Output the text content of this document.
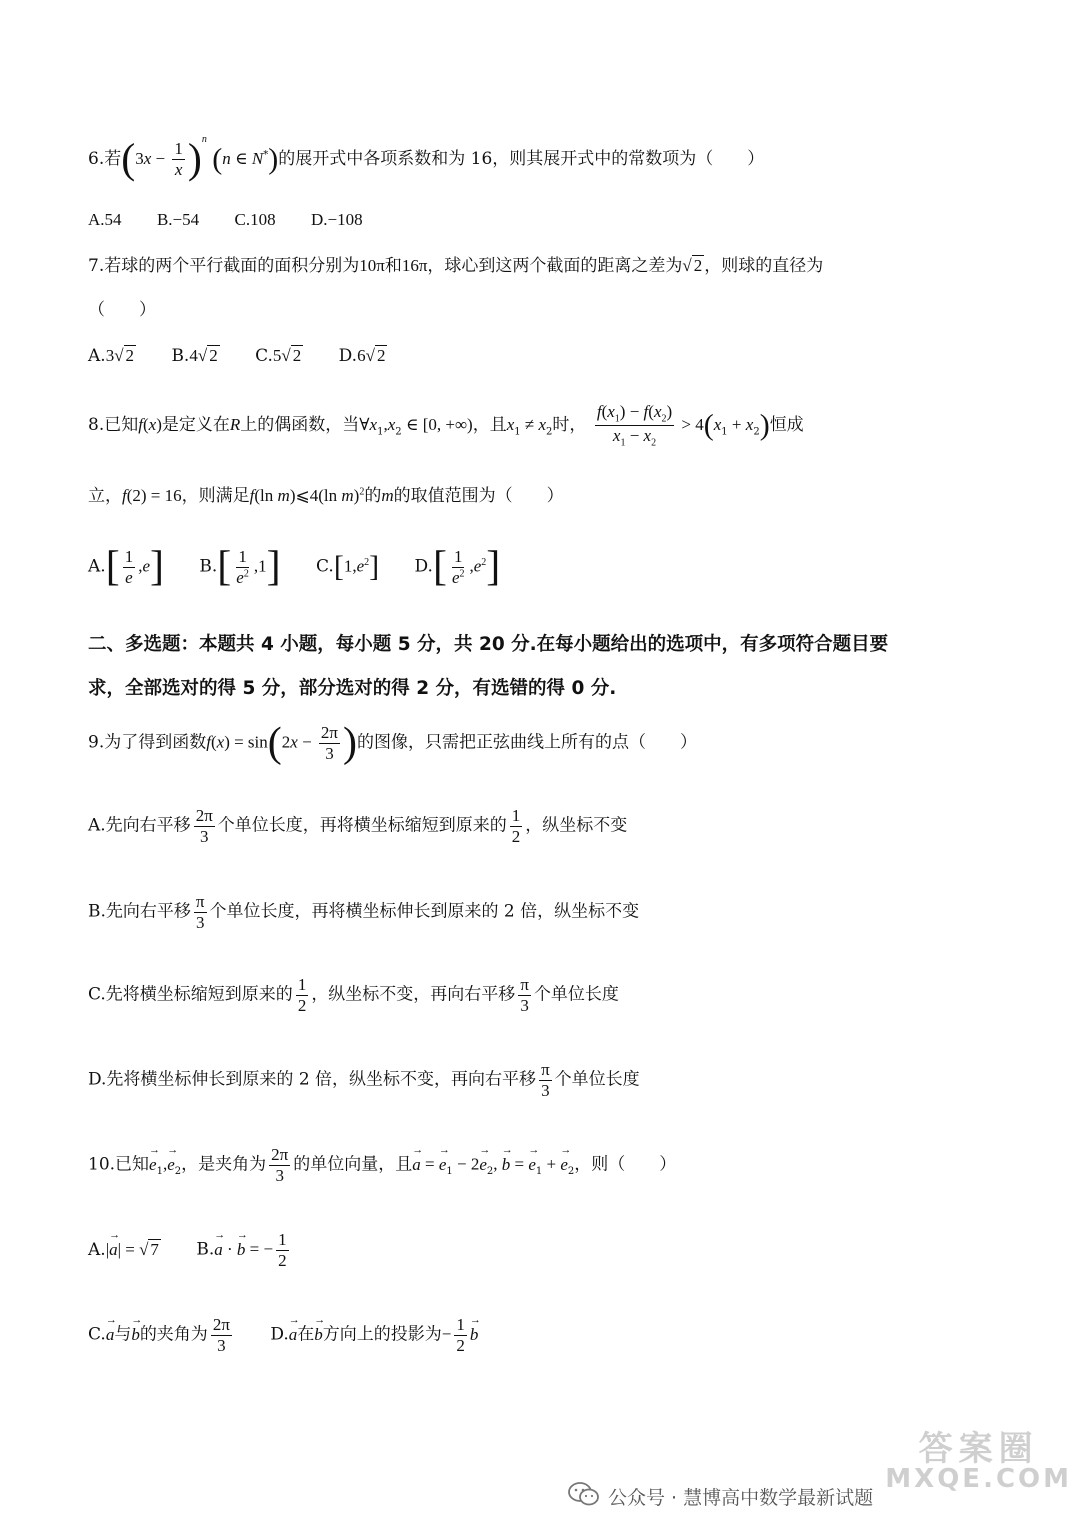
6.若$(3x - \frac{1}{x} )^n$ (n ∈ N*)的展开式中各项系数和为 16，则其展开式中的常数项为（　　）
A.54 B.−54 C.108 D.−108
7.若球的两个平行截面的面积分别为10π和16π，球心到这两个截面的距离之差为√ 2 ，则球的直径为
（　　）
A.3√ 2 B.4√ 2 C.5√ 2 D.6√ 2
8.已知f(x)是定义在R上的偶函数，当$\forall x_1,x_2$ ∈ [0, +∞)，且$x_1 \ne x_2$时， $\frac{f(x_1) - f(x_2)}{x_1 - x_2} > 4(x_1 + x_2)$恒成
立，f(2) = 16，则满足f(ln m)⩽4(ln m)$^2$的m的取值范围为（　　）
$A.[ \frac{1}{e} ,e]$ $B.[ \frac{1}{e^2} ,1]$ $C.[1,e^2]$ $D.[ \frac{1}{e^2} ,e^2]$
二、多选题：本题共 4 小题，每小题 5 分，共 20 分.在每小题给出的选项中，有多项符合题目要
求，全部选对的得 5 分，部分选对的得 2 分，有选错的得 0 分.
9.为了得到函数$f(x) = \sin(2x - \frac{2\pi}{3}$ )的图像，只需把正弦曲线上所有的点（　　）
A.先向右平移 $\frac{2\pi}{3}$ 个单位长度，再将横坐标缩短到原来的 $\frac{1}{2}$ ，纵坐标不变
B.先向右平移 $\frac{\pi}{3}$ 个单位长度，再将横坐标伸长到原来的 2 倍，纵坐标不变
C.先将横坐标缩短到原来的 $\frac{1}{2}$ ，纵坐标不变，再向右平移 $\frac{\pi}{3}$ 个单位长度
D.先将横坐标伸长到原来的 2 倍，纵坐标不变，再向右平移 $\frac{\pi}{3}$ 个单位长度
10.已知→ $e_1,\to e_2$，是夹角为 $\frac{2\pi}{3}$ 的单位向量，且→ a = → $e_1 - 2\to e_2$, → b = → $e_1$ + → $e_2$，则（　　）
A.|→ a| = √ 7 B.→ a · → b = − $\frac{1}{2}$
C.→ a与→ b的夹角为 $\frac{2\pi}{3} D.\to a$在→ b方向上的投影为− $\frac{1}{2}$
→ b
答案圈
MXQE.COM
公众号 · 慧博高中数学最新试题
